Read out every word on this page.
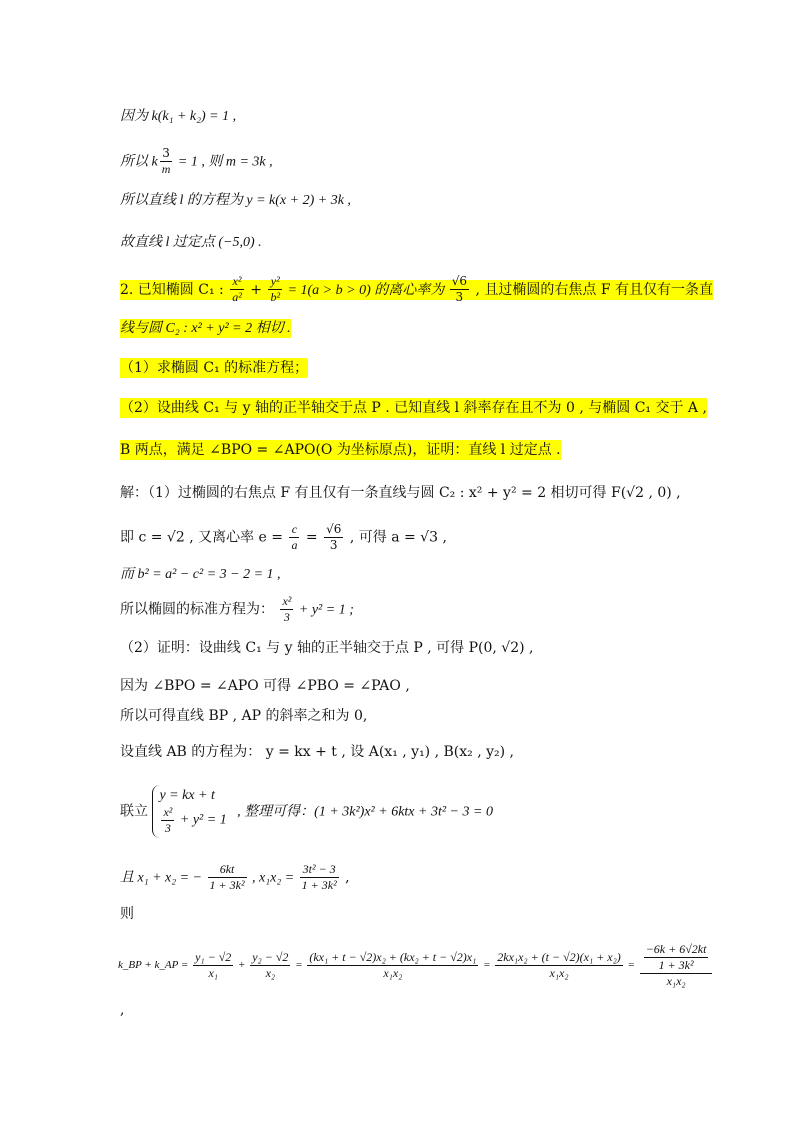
因为 k(k₁ + k₂) = 1 ,
所以 k $\frac{3}{m} = 1$ , 则 m = 3k ,
所以直线 l 的方程为 y = k(x + 2) + 3k ,
故直线 l 过定点 (−5,0) .
2. 已知椭圆 C₁ : $\frac{\text{x²}}{\text{a²}} + \frac{\text{y²}}{\text{b²}} = 1(a > b > 0)$ 的离心率为 $\frac{√6}{3}$ , 且过椭圆的右焦点 F 有且仅有一条直
线与圆 C₂ : x² + y² = 2 相切 .
（1）求椭圆 C₁ 的标准方程；
（2）设曲线 C₁ 与 y 轴的正半轴交于点 P . 已知直线 l 斜率存在且不为 0 , 与椭圆 C₁ 交于 A ,
B 两点，满足 ∠BPO = ∠APO(O 为坐标原点)，证明：直线 l 过定点 .
解：（1）过椭圆的右焦点 F 有且仅有一条直线与圆 C₂ : x² + y² = 2 相切可得 F(√2 , 0) ,
即 c = √2 , 又离心率 $e = \frac{c}{a} = \frac{√6}{3}$ , 可得 a = √3 ,
而 b² = a² − c² = 3 − 2 = 1 ,
所以椭圆的标准方程为： $\frac{\text{x²}}{3} + y^2 = 1$ ;
（2）证明：设曲线 C₁ 与 y 轴的正半轴交于点 P , 可得 P(0, √2) ,
因为 ∠BPO = ∠APO 可得 ∠PBO = ∠PAO ,
所以可得直线 BP , AP 的斜率之和为 0,
设直线 AB 的方程为： y = kx + t , 设 A(x₁ , y₁) , B(x₂ , y₂) ,
联立
y = kx + t
$\frac{\text{x²}}{3} + y^2 = 1$
, 整理可得：(1 + 3k²)x² + 6ktx + 3t² − 3 = 0
且 x₁ + x₂ = − $\frac{6kt}{\text{1 + 3k²}}$ , $x_1x_2 = \frac{\text{3t² − 3}}{\text{1 + 3k²}}$ ,
则
k_BP + k_AP = $\frac{\text{y₁ − √2}}{\text{x₁}} + \frac{\text{y₂ − √2}}{\text{x₂}} = \frac{\text{(kx₁ + t − √2)x₂ + (kx₂ + t − √2)x₁}}{\text{x₁x₂}} = \frac{\text{2kx₁x₂ + (t − √2)(x₁ + x₂)}}{\text{x₁x₂}} = \frac{\frac{-6k + 6√2kt}{\text{1 + 3k²}}}{\text{x₁x₂}}$
,
